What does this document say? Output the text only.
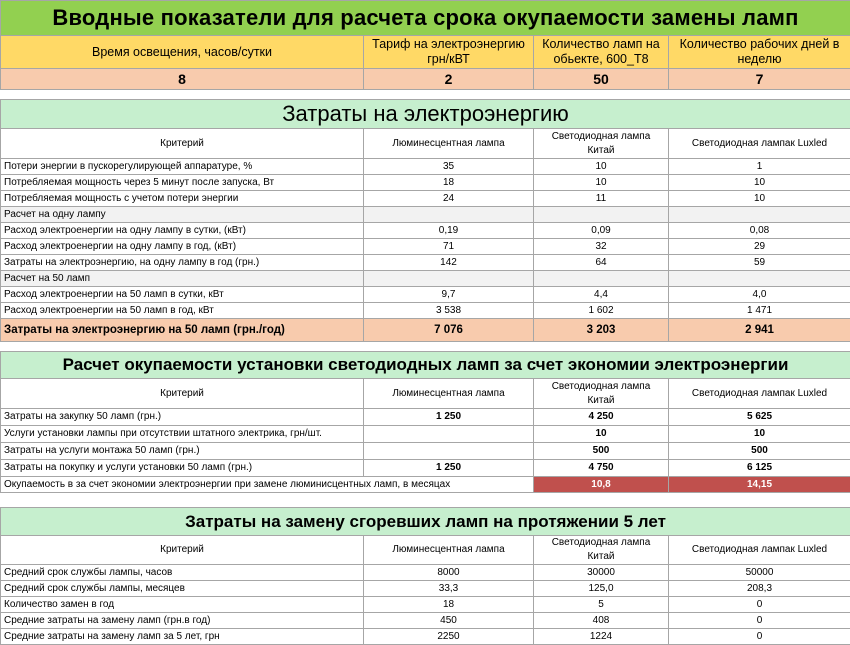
Вводные показатели для расчета срока окупаемости замены ламп			
Время освещения, часов/сутки	Тариф на электроэнергию грн/кВТ	Количество ламп на обьекте, 600_T8	Количество рабочих дней в неделю
8	2	50	7
Затраты на электроэнергию			
Критерий	Люминесцентная лампа	Светодиодная лампа Китай	Светодиодная лампак Luxled
Потери энергии в пускорегулирующей аппаратуре, %	35	10	1
Потребляемая мощность через 5 минут после запуска, Вт	18	10	10
Потребляемая мощность с учетом потери энергии	24	11	10
Расчет на одну лампу			
Расход электроенергии на одну лампу в сутки, (кВт)	0,19	0,09	0,08
Расход электроенергии на одну лампу в год, (кВт)	71	32	29
Затраты на электроэнергию, на одну лампу в год (грн.)	142	64	59
Расчет на 50 ламп			
Расход электроенергии на 50 ламп в сутки, кВт	9,7	4,4	4,0
Расход электроенергии на 50 ламп в год, кВт	3 538	1 602	1 471
Затраты на электроэнергию на 50 ламп (грн./год)	7 076	3 203	2 941
Расчет окупаемости установки светодиодных ламп за счет экономии электроэнергии			
Критерий	Люминесцентная лампа	Светодиодная лампа Китай	Светодиодная лампак Luxled
Затраты на закупку 50 ламп (грн.)	1 250	4 250	5 625
Услуги установки лампы при отсутствии штатного электрика, грн/шт.		10	10
Затраты на услуги монтажа 50 ламп (грн.)		500	500
Затраты на покупку и услуги установки 50 ламп (грн.)	1 250	4 750	6 125
Окупаемость в за счет экономии электроэнергии при замене люминисцентных ламп, в месяцах		10,8	14,15
Затраты на замену сгоревших ламп на протяжении 5 лет			
Критерий	Люминесцентная лампа	Светодиодная лампа Китай	Светодиодная лампак Luxled
Средний срок службы лампы, часов	8000	30000	50000
Средний срок службы лампы, месяцев	33,3	125,0	208,3
Количество замен в год	18	5	0
Средние затраты на замену ламп (грн.в год)	450	408	0
Средние затраты на замену ламп за 5 лет, грн	2250	1224	0
